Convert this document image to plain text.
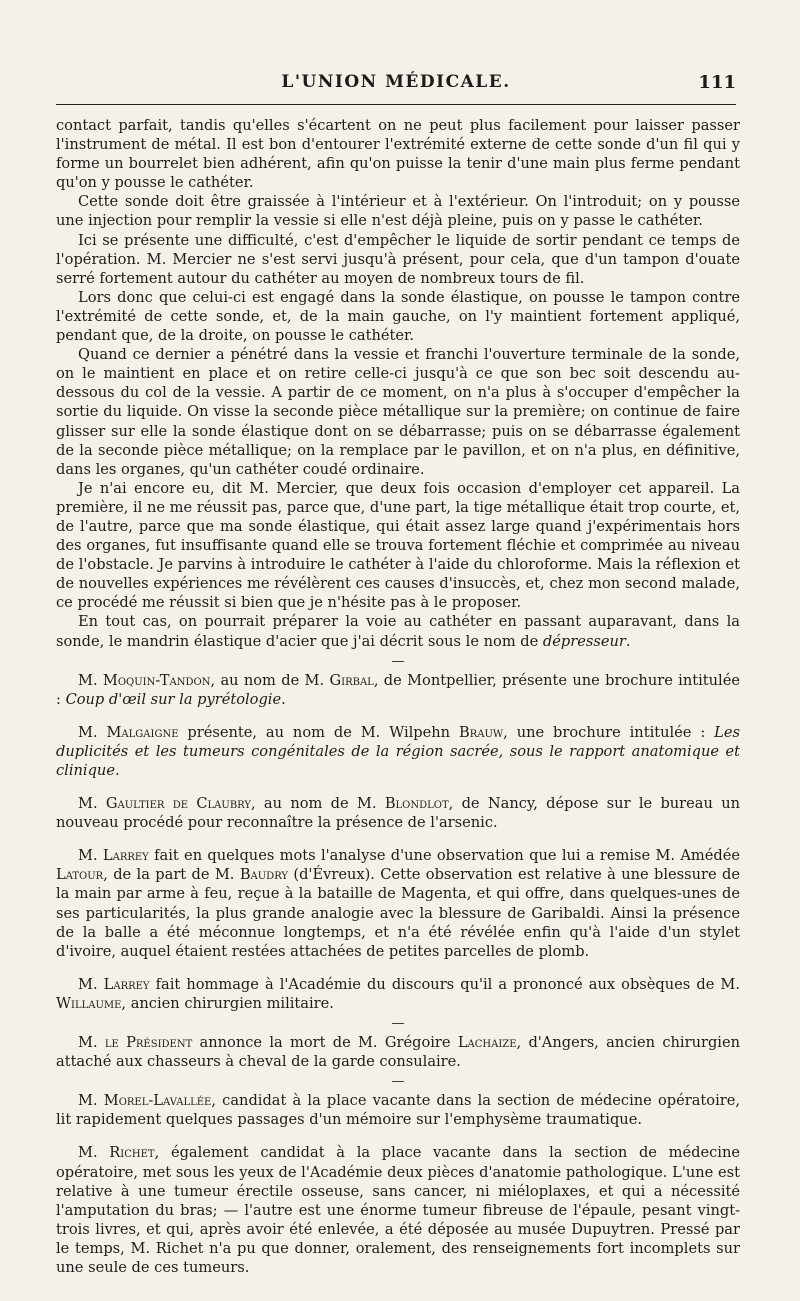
L'UNION MÉDICALE.	111

contact parfait, tandis qu'elles s'écartent on ne peut plus facilement pour laisser passer l'instrument de métal. Il est bon d'entourer l'extrémité externe de cette sonde d'un fil qui y forme un bourrelet bien adhérent, afin qu'on puisse la tenir d'une main plus ferme pendant qu'on y pousse le cathéter.

Cette sonde doit être graissée à l'intérieur et à l'extérieur. On l'introduit; on y pousse une injection pour remplir la vessie si elle n'est déjà pleine, puis on y passe le cathéter.

Ici se présente une difficulté, c'est d'empêcher le liquide de sortir pendant ce temps de l'opération. M. Mercier ne s'est servi jusqu'à présent, pour cela, que d'un tampon d'ouate serré fortement autour du cathéter au moyen de nombreux tours de fil.

Lors donc que celui-ci est engagé dans la sonde élastique, on pousse le tampon contre l'extrémité de cette sonde, et, de la main gauche, on l'y maintient fortement appliqué, pendant que, de la droite, on pousse le cathéter.

Quand ce dernier a pénétré dans la vessie et franchi l'ouverture terminale de la sonde, on le maintient en place et on retire celle-ci jusqu'à ce que son bec soit descendu au-dessous du col de la vessie. A partir de ce moment, on n'a plus à s'occuper d'empêcher la sortie du liquide. On visse la seconde pièce métallique sur la première; on continue de faire glisser sur elle la sonde élastique dont on se débarrasse; puis on se débarrasse également de la seconde pièce métallique; on la remplace par le pavillon, et on n'a plus, en définitive, dans les organes, qu'un cathéter coudé ordinaire.

Je n'ai encore eu, dit M. Mercier, que deux fois occasion d'employer cet appareil. La première, il ne me réussit pas, parce que, d'une part, la tige métallique était trop courte, et, de l'autre, parce que ma sonde élastique, qui était assez large quand j'expérimentais hors des organes, fut insuffisante quand elle se trouva fortement fléchie et comprimée au niveau de l'obstacle. Je parvins à introduire le cathéter à l'aide du chloroforme. Mais la réflexion et de nouvelles expériences me révélèrent ces causes d'insuccès, et, chez mon second malade, ce procédé me réussit si bien que je n'hésite pas à le proposer.

En tout cas, on pourrait préparer la voie au cathéter en passant auparavant, dans la sonde, le mandrin élastique d'acier que j'ai décrit sous le nom de dépresseur.

—

M. Moquin-Tandon, au nom de M. Girbal, de Montpellier, présente une brochure intitulée : Coup d'œil sur la pyrétologie.

M. Malgaigne présente, au nom de M. Wilpehn Brauw, une brochure intitulée : Les duplicités et les tumeurs congénitales de la région sacrée, sous le rapport anatomique et clinique.

M. Gaultier de Claubry, au nom de M. Blondlot, de Nancy, dépose sur le bureau un nouveau procédé pour reconnaître la présence de l'arsenic.

M. Larrey fait en quelques mots l'analyse d'une observation que lui a remise M. Amédée Latour, de la part de M. Baudry (d'Évreux). Cette observation est relative à une blessure de la main par arme à feu, reçue à la bataille de Magenta, et qui offre, dans quelques-unes de ses particularités, la plus grande analogie avec la blessure de Garibaldi. Ainsi la présence de la balle a été méconnue longtemps, et n'a été révélée enfin qu'à l'aide d'un stylet d'ivoire, auquel étaient restées attachées de petites parcelles de plomb.

M. Larrey fait hommage à l'Académie du discours qu'il a prononcé aux obsèques de M. Willaume, ancien chirurgien militaire.

—

M. le Président annonce la mort de M. Grégoire Lachaize, d'Angers, ancien chirurgien attaché aux chasseurs à cheval de la garde consulaire.

—

M. Morel-Lavallée, candidat à la place vacante dans la section de médecine opératoire, lit rapidement quelques passages d'un mémoire sur l'emphysème traumatique.

M. Richet, également candidat à la place vacante dans la section de médecine opératoire, met sous les yeux de l'Académie deux pièces d'anatomie pathologique. L'une est relative à une tumeur érectile osseuse, sans cancer, ni miéloplaxes, et qui a nécessité l'amputation du bras; — l'autre est une énorme tumeur fibreuse de l'épaule, pesant vingt-trois livres, et qui, après avoir été enlevée, a été déposée au musée Dupuytren. Pressé par le temps, M. Richet n'a pu que donner, oralement, des renseignements fort incomplets sur une seule de ces tumeurs.
